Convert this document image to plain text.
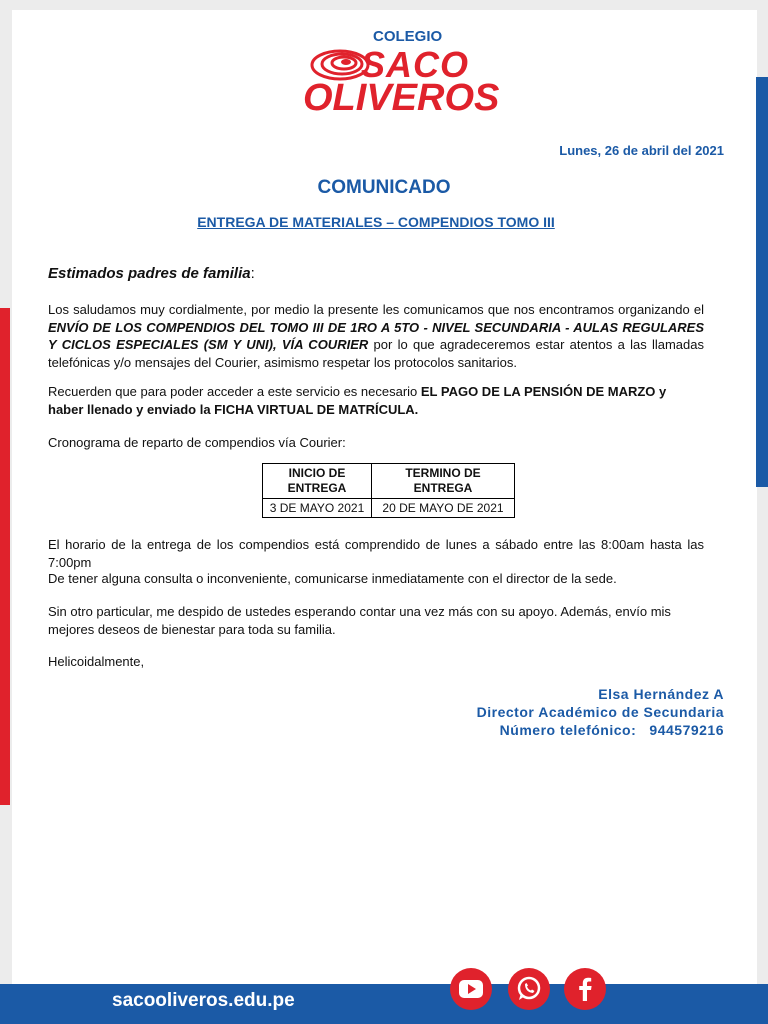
COLEGIO
SACO
OLIVEROS
Lunes, 26 de abril del 2021
COMUNICADO
ENTREGA DE MATERIALES – COMPENDIOS TOMO III
Estimados padres de familia:
Los saludamos muy cordialmente, por medio la presente les comunicamos que nos encontramos organizando el ENVÍO DE LOS COMPENDIOS DEL TOMO III DE 1RO A 5TO - NIVEL SECUNDARIA - AULAS REGULARES Y CICLOS ESPECIALES (SM Y UNI), VÍA COURIER por lo que agradeceremos estar atentos a las llamadas telefónicas y/o mensajes del Courier, asimismo respetar los protocolos sanitarios.
Recuerden que para poder acceder a este servicio es necesario EL PAGO DE LA PENSIÓN DE MARZO y haber llenado y enviado la FICHA VIRTUAL DE MATRÍCULA.
Cronograma de reparto de compendios vía Courier:
INICIO DE ENTREGA	TERMINO DE ENTREGA
3 DE MAYO 2021	20 DE MAYO DE 2021
El horario de la entrega de los compendios está comprendido de lunes a sábado entre las 8:00am hasta las 7:00pm
De tener alguna consulta o inconveniente, comunicarse inmediatamente con el director de la sede.
Sin otro particular, me despido de ustedes esperando contar una vez más con su apoyo. Además, envío mis mejores deseos de bienestar para toda su familia.
Helicoidalmente,
Elsa Hernández A
Director Académico de Secundaria
Número telefónico: 944579216
sacooliveros.edu.pe
